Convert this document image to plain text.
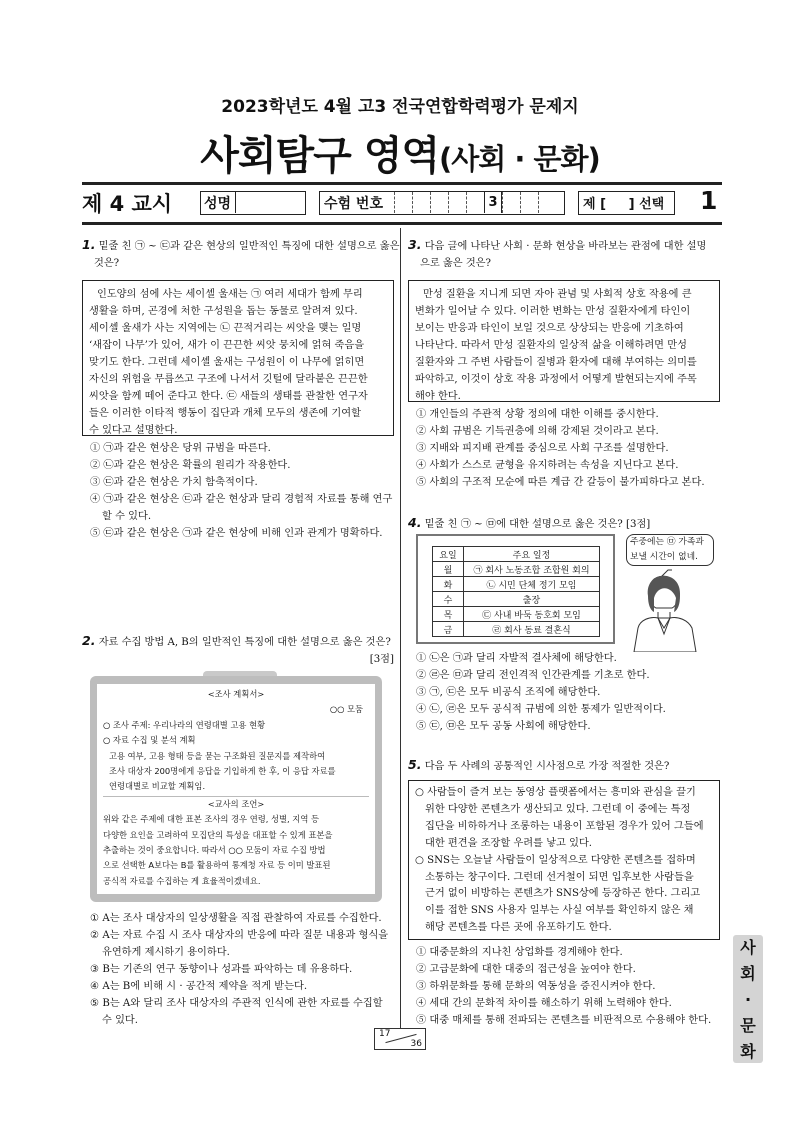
2023학년도 4월 고3 전국연합학력평가 문제지
사회탐구 영역(사회 · 문화)
제 4 교시 성명	수험 번호	3	제 [     ] 선택 1
1. 밑줄 친 ㉠ ~ ㉢과 같은 현상의 일반적인 특징에 대한 설명으로 옳은
것은?
인도양의 섬에 사는 세이셸 울새는 ㉠ 여러 세대가 함께 무리
생활을 하며, 곤경에 처한 구성원을 돕는 동물로 알려져 있다.
세이셸 울새가 사는 지역에는 ㉡ 끈적거리는 씨앗을 맺는 일명
‘새잡이 나무’가 있어, 새가 이 끈끈한 씨앗 뭉치에 얽혀 죽음을
맞기도 한다. 그런데 세이셸 울새는 구성원이 이 나무에 얽히면
자신의 위험을 무릅쓰고 구조에 나서서 깃털에 달라붙은 끈끈한
씨앗을 함께 떼어 준다고 한다. ㉢ 새들의 생태를 관찰한 연구자
들은 이러한 이타적 행동이 집단과 개체 모두의 생존에 기여할
수 있다고 설명한다.
① ㉠과 같은 현상은 당위 규범을 따른다.
② ㉡과 같은 현상은 확률의 원리가 작용한다.
③ ㉢과 같은 현상은 가치 함축적이다.
④ ㉠과 같은 현상은 ㉢과 같은 현상과 달리 경험적 자료를 통해 연구
할 수 있다.
⑤ ㉢과 같은 현상은 ㉠과 같은 현상에 비해 인과 관계가 명확하다.
2. 자료 수집 방법 A, B의 일반적인 특징에 대한 설명으로 옳은 것은?
[3점]
<조사 계획서>
○○ 모둠
○ 조사 주제: 우리나라의 연령대별 고용 현황
○ 자료 수집 및 분석 계획
고용 여부, 고용 형태 등을 묻는 구조화된 질문지를 제작하여
조사 대상자 200명에게 응답을 기입하게 한 후, 이 응답 자료를
연령대별로 비교할 계획임.
<교사의 조언>
위와 같은 주제에 대한 표본 조사의 경우 연령, 성별, 지역 등
다양한 요인을 고려하여 모집단의 특성을 대표할 수 있게 표본을
추출하는 것이 중요합니다. 따라서 ○○ 모둠이 자료 수집 방법
으로 선택한 A보다는 B를 활용하여 통계청 자료 등 이미 발표된
공식적 자료를 수집하는 게 효율적이겠네요.
① A는 조사 대상자의 일상생활을 직접 관찰하여 자료를 수집한다.
② A는 자료 수집 시 조사 대상자의 반응에 따라 질문 내용과 형식을
유연하게 제시하기 용이하다.
③ B는 기존의 연구 동향이나 성과를 파악하는 데 유용하다.
④ A는 B에 비해 시 · 공간적 제약을 적게 받는다.
⑤ B는 A와 달리 조사 대상자의 주관적 인식에 관한 자료를 수집할
수 있다.
3. 다음 글에 나타난 사회 · 문화 현상을 바라보는 관점에 대한 설명
으로 옳은 것은?
만성 질환을 지니게 되면 자아 관념 및 사회적 상호 작용에 큰
변화가 일어날 수 있다. 이러한 변화는 만성 질환자에게 타인이
보이는 반응과 타인이 보일 것으로 상상되는 반응에 기초하여
나타난다. 따라서 만성 질환자의 일상적 삶을 이해하려면 만성
질환자와 그 주변 사람들이 질병과 환자에 대해 부여하는 의미를
파악하고, 이것이 상호 작용 과정에서 어떻게 발현되는지에 주목
해야 한다.
① 개인들의 주관적 상황 정의에 대한 이해를 중시한다.
② 사회 규범은 기득권층에 의해 강제된 것이라고 본다.
③ 지배와 피지배 관계를 중심으로 사회 구조를 설명한다.
④ 사회가 스스로 균형을 유지하려는 속성을 지닌다고 본다.
⑤ 사회의 구조적 모순에 따른 계급 간 갈등이 불가피하다고 본다.
4. 밑줄 친 ㉠ ~ ㉤에 대한 설명으로 옳은 것은? [3점]
요일	주요 일정
월	㉠ 회사 노동조합 조합원 회의
화	㉡ 시민 단체 정기 모임
수	출장
목	㉢ 사내 바둑 동호회 모임
금	㉣ 회사 동료 결혼식
주중에는 ㉤ 가족과
보낼 시간이 없네.
① ㉡은 ㉠과 달리 자발적 결사체에 해당한다.
② ㉣은 ㉤과 달리 전인격적 인간관계를 기초로 한다.
③ ㉠, ㉢은 모두 비공식 조직에 해당한다.
④ ㉡, ㉣은 모두 공식적 규범에 의한 통제가 일반적이다.
⑤ ㉢, ㉤은 모두 공동 사회에 해당한다.
5. 다음 두 사례의 공통적인 시사점으로 가장 적절한 것은?
○ 사람들이 즐겨 보는 동영상 플랫폼에서는 흥미와 관심을 끌기
위한 다양한 콘텐츠가 생산되고 있다. 그런데 이 중에는 특정
집단을 비하하거나 조롱하는 내용이 포함된 경우가 있어 그들에
대한 편견을 조장할 우려를 낳고 있다.
○ SNS는 오늘날 사람들이 일상적으로 다양한 콘텐츠를 접하며
소통하는 창구이다. 그런데 선거철이 되면 입후보한 사람들을
근거 없이 비방하는 콘텐츠가 SNS상에 등장하곤 한다. 그리고
이를 접한 SNS 사용자 일부는 사실 여부를 확인하지 않은 채
해당 콘텐츠를 다른 곳에 유포하기도 한다.
① 대중문화의 지나친 상업화를 경계해야 한다.
② 고급문화에 대한 대중의 접근성을 높여야 한다.
③ 하위문화를 통해 문화의 역동성을 증진시켜야 한다.
④ 세대 간의 문화적 차이를 해소하기 위해 노력해야 한다.
⑤ 대중 매체를 통해 전파되는 콘텐츠를 비판적으로 수용해야 한다.
17
36
사
회
·
문
화
